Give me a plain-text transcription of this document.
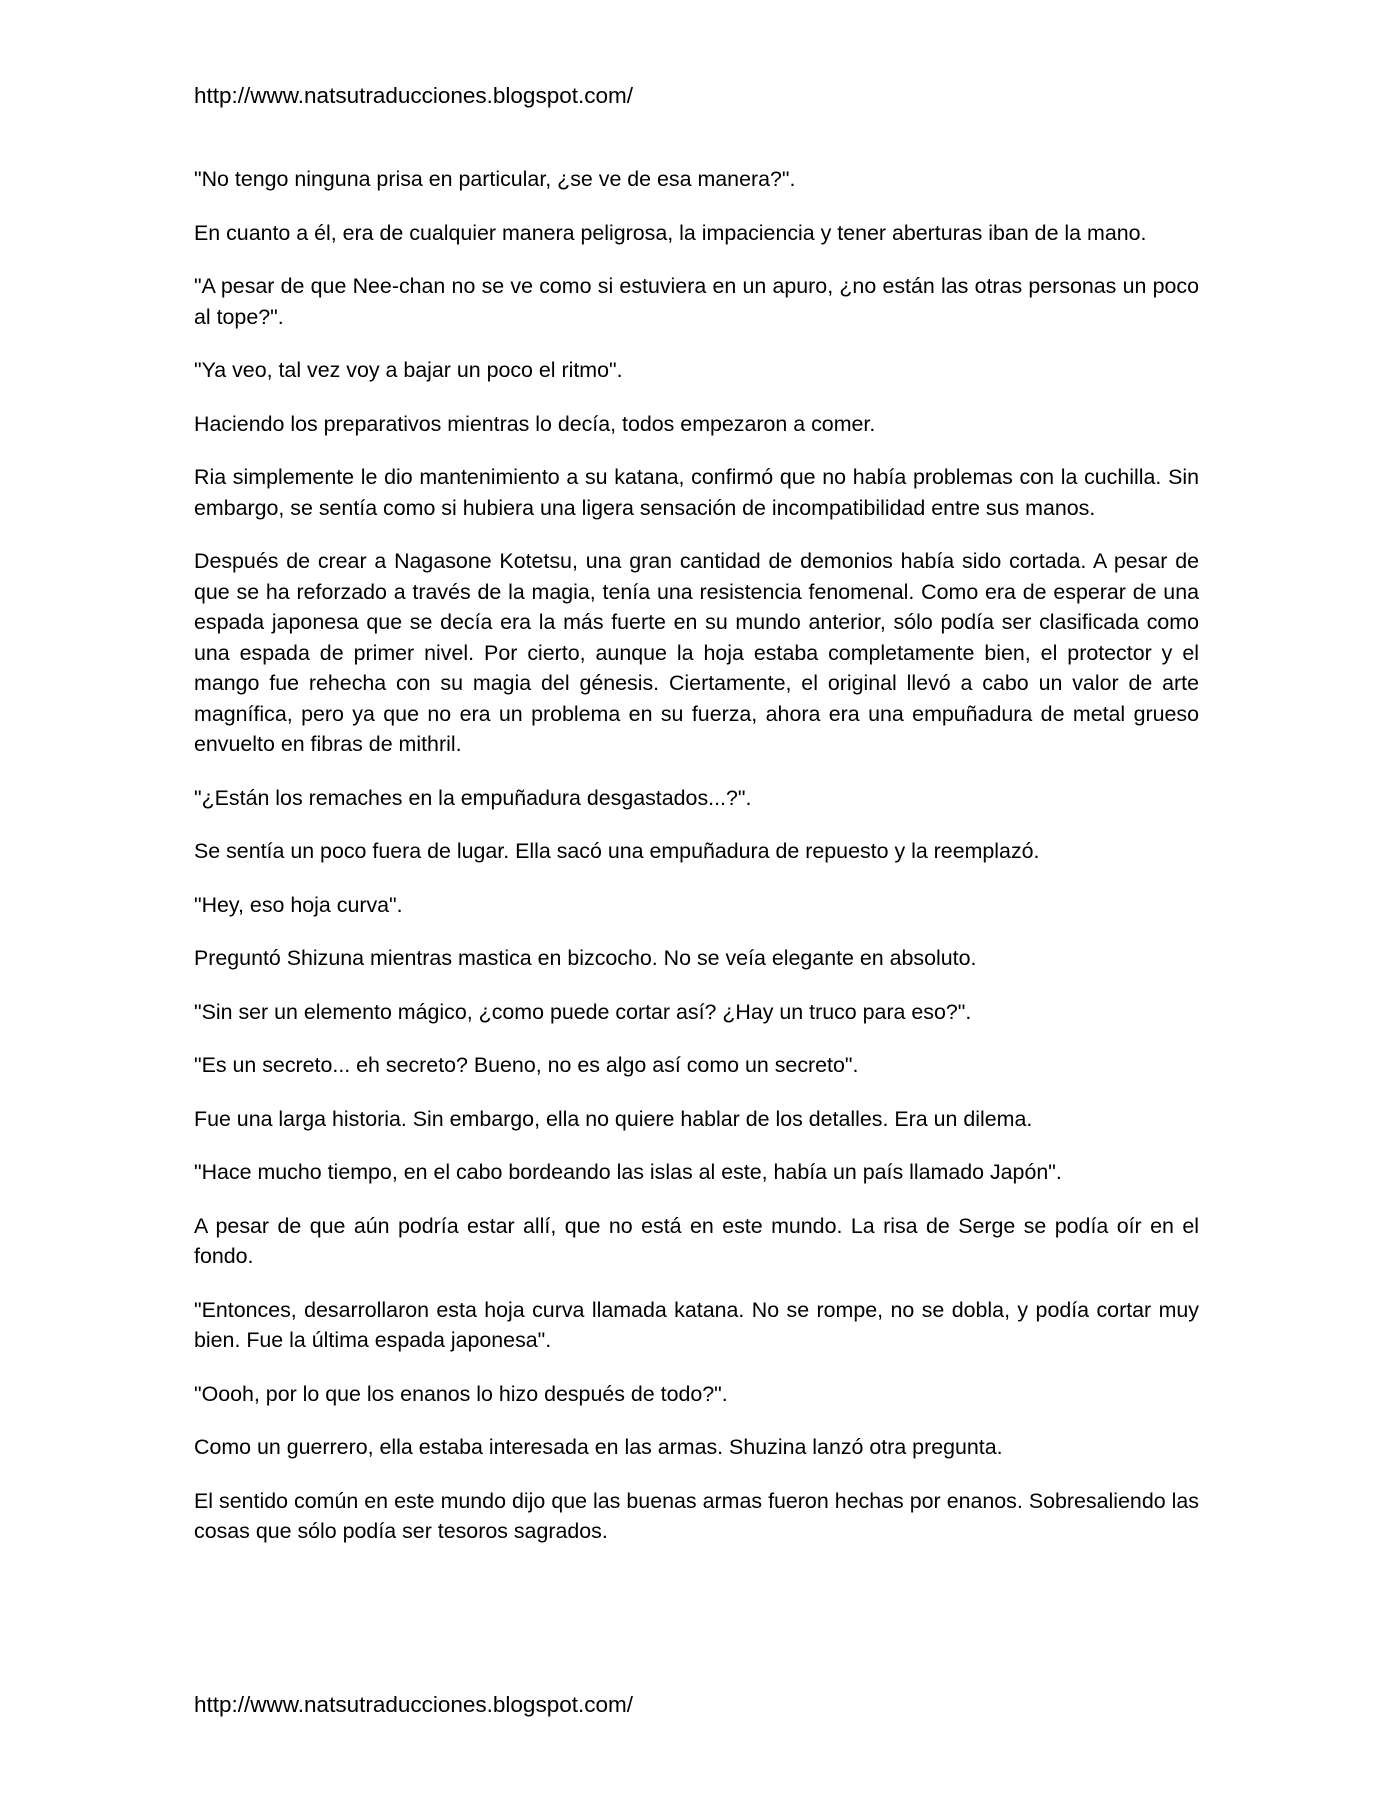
http://www.natsutraducciones.blogspot.com/

"No tengo ninguna prisa en particular, ¿se ve de esa manera?".

En cuanto a él, era de cualquier manera peligrosa, la impaciencia y tener aberturas iban de la mano.

"A pesar de que Nee-chan no se ve como si estuviera en un apuro, ¿no están las otras personas un poco al tope?".

"Ya veo, tal vez voy a bajar un poco el ritmo".

Haciendo los preparativos mientras lo decía, todos empezaron a comer.

Ria simplemente le dio mantenimiento a su katana, confirmó que no había problemas con la cuchilla. Sin embargo, se sentía como si hubiera una ligera sensación de incompatibilidad entre sus manos.

Después de crear a Nagasone Kotetsu, una gran cantidad de demonios había sido cortada. A pesar de que se ha reforzado a través de la magia, tenía una resistencia fenomenal. Como era de esperar de una espada japonesa que se decía era la más fuerte en su mundo anterior, sólo podía ser clasificada como una espada de primer nivel. Por cierto, aunque la hoja estaba completamente bien, el protector y el mango fue rehecha con su magia del génesis. Ciertamente, el original llevó a cabo un valor de arte magnífica, pero ya que no era un problema en su fuerza, ahora era una empuñadura de metal grueso envuelto en fibras de mithril.

"¿Están los remaches en la empuñadura desgastados...?".

Se sentía un poco fuera de lugar. Ella sacó una empuñadura de repuesto y la reemplazó.

"Hey, eso hoja curva".

Preguntó Shizuna mientras mastica en bizcocho. No se veía elegante en absoluto.

"Sin ser un elemento mágico, ¿como puede cortar así? ¿Hay un truco para eso?".

"Es un secreto... eh secreto? Bueno, no es algo así como un secreto".

Fue una larga historia. Sin embargo, ella no quiere hablar de los detalles. Era un dilema.

"Hace mucho tiempo, en el cabo bordeando las islas al este, había un país llamado Japón".

A pesar de que aún podría estar allí, que no está en este mundo. La risa de Serge se podía oír en el fondo.

"Entonces, desarrollaron esta hoja curva llamada katana. No se rompe, no se dobla, y podía cortar muy bien. Fue la última espada japonesa".

"Oooh, por lo que los enanos lo hizo después de todo?".

Como un guerrero, ella estaba interesada en las armas. Shuzina lanzó otra pregunta.

El sentido común en este mundo dijo que las buenas armas fueron hechas por enanos. Sobresaliendo las cosas que sólo podía ser tesoros sagrados.

http://www.natsutraducciones.blogspot.com/
